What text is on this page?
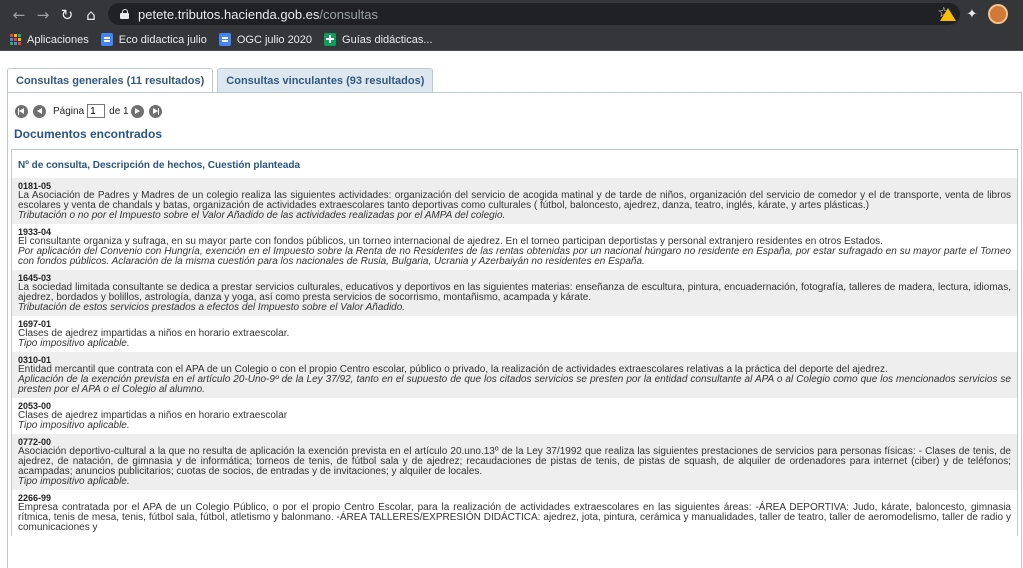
← → ↻ ⌂	petete.tributos.hacienda.gob.es/consultas	☆ ✦
Aplicaciones	Eco didactica julio	OGC julio 2020	Guías didácticas...
Consultas generales (11 resultados)	Consultas vinculantes (93 resultados)
Página
1	de 1
Documentos encontrados
Nº de consulta, Descripción de hechos, Cuestión planteada
0181-05
La Asociación de Padres y Madres de un colegio realiza las siguientes actividades: organización del servicio de acogida matinal y de tarde de niños, organización del servicio de comedor y el de transporte, venta de libros escolares y venta de chandals y batas, organización de actividades extraescolares tanto deportivas como culturales ( fútbol, baloncesto, ajedrez, danza, teatro, inglés, kárate, y artes plásticas.)
Tributación o no por el Impuesto sobre el Valor Añadido de las actividades realizadas por el AMPA del colegio.
1933-04
El consultante organiza y sufraga, en su mayor parte con fondos públicos, un torneo internacional de ajedrez. En el torneo participan deportistas y personal extranjero residentes en otros Estados.
Por aplicación del Convenio con Hungría, exención en el Impuesto sobre la Renta de no Residentes de las rentas obtenidas por un nacional húngaro no residente en España, por estar sufragado en su mayor parte el Torneo con fondos públicos. Aclaración de la misma cuestión para los nacionales de Rusia, Bulgaria, Ucrania y Azerbaiyán no residentes en España.
1645-03
La sociedad limitada consultante se dedica a prestar servicios culturales, educativos y deportivos en las siguientes materias: enseñanza de escultura, pintura, encuadernación, fotografía, talleres de madera, lectura, idiomas, ajedrez, bordados y bolillos, astrología, danza y yoga, así como presta servicios de socorrismo, montañismo, acampada y kárate.
Tributación de estos servicios prestados a efectos del Impuesto sobre el Valor Añadido.
1697-01
Clases de ajedrez impartidas a niños en horario extraescolar.
Tipo impositivo aplicable.
0310-01
Entidad mercantil que contrata con el APA de un Colegio o con el propio Centro escolar, público o privado, la realización de actividades extraescolares relativas a la práctica del deporte del ajedrez.
Aplicación de la exención prevista en el artículo 20-Uno-9º de la Ley 37/92, tanto en el supuesto de que los citados servicios se presten por la entidad consultante al APA o al Colegio como que los mencionados servicios se presten por el APA o el Colegio al alumno.
2053-00
Clases de ajedrez impartidas a niños en horario extraescolar
Tipo impositivo aplicable.
0772-00
Asociación deportivo-cultural a la que no resulta de aplicación la exención prevista en el artículo 20.uno.13º de la Ley 37/1992 que realiza las siguientes prestaciones de servicios para personas físicas: - Clases de tenis, de ajedrez, de natación, de gimnasia y de informática; torneos de tenis, de fútbol sala y de ajedrez; recaudaciones de pistas de tenis, de pistas de squash, de alquiler de ordenadores para internet (ciber) y de teléfonos; acampadas; anuncios publicitarios; cuotas de socios, de entradas y de invitaciones; y alquiler de locales.
Tipo impositivo aplicable.
2266-99
Empresa contratada por el APA de un Colegio Público, o por el propio Centro Escolar, para la realización de actividades extraescolares en las siguientes áreas: -ÁREA DEPORTIVA: Judo, kárate, baloncesto, gimnasia rítmica, tenis de mesa, tenis, fútbol sala, fútbol, atletismo y balonmano. -ÁREA TALLERES/EXPRESIÓN DIDÁCTICA: ajedrez, jota, pintura, cerámica y manualidades, taller de teatro, taller de aeromodelismo, taller de radio y comunicaciones y
